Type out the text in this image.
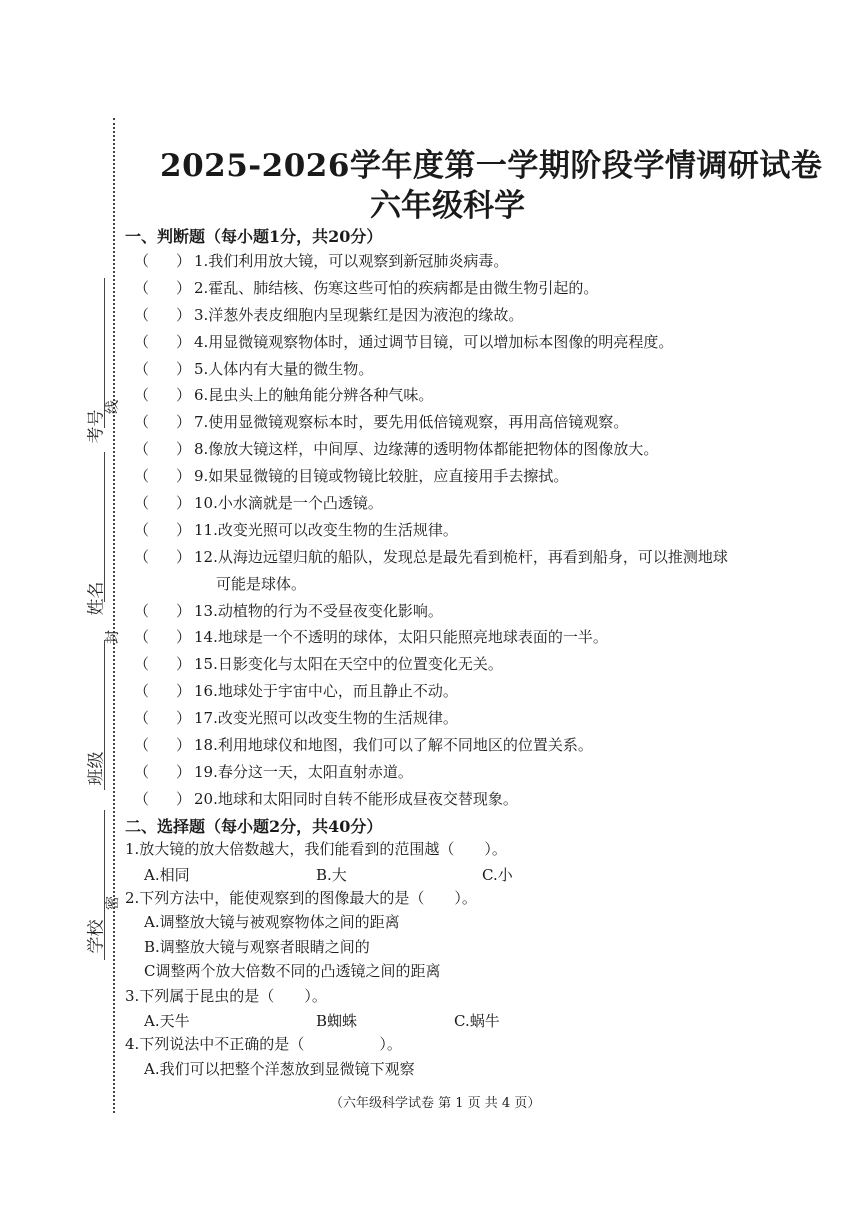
考号
线
姓名
封
班级
学校
密
2025-2026学年度第一学期阶段学情调研试卷
六年级科学
一、判断题（每小题1分，共20分）
（ ） 1.我们利用放大镜，可以观察到新冠肺炎病毒。
（ ） 2.霍乱、肺结核、伤寒这些可怕的疾病都是由微生物引起的。
（ ） 3.洋葱外表皮细胞内呈现紫红是因为液泡的缘故。
（ ） 4.用显微镜观察物体时，通过调节目镜，可以增加标本图像的明亮程度。
（ ） 5.人体内有大量的微生物。
（ ） 6.昆虫头上的触角能分辨各种气味。
（ ） 7.使用显微镜观察标本时，要先用低倍镜观察，再用高倍镜观察。
（ ） 8.像放大镜这样，中间厚、边缘薄的透明物体都能把物体的图像放大。
（ ） 9.如果显微镜的目镜或物镜比较脏，应直接用手去擦拭。
（ ） 10.小水滴就是一个凸透镜。
（ ） 11.改变光照可以改变生物的生活规律。
（ ） 12.从海边远望归航的船队，发现总是最先看到桅杆，再看到船身，可以推测地球
可能是球体。
（ ） 13.动植物的行为不受昼夜变化影响。
（ ） 14.地球是一个不透明的球体，太阳只能照亮地球表面的一半。
（ ） 15.日影变化与太阳在天空中的位置变化无关。
（ ） 16.地球处于宇宙中心，而且静止不动。
（ ） 17.改变光照可以改变生物的生活规律。
（ ） 18.利用地球仪和地图，我们可以了解不同地区的位置关系。
（ ） 19.春分这一天，太阳直射赤道。
（ ） 20.地球和太阳同时自转不能形成昼夜交替现象。
二、选择题（每小题2分，共40分）
1.放大镜的放大倍数越大，我们能看到的范围越（　　）。
A.相同	B.大	C.小
2.下列方法中，能使观察到的图像最大的是（　　）。
A.调整放大镜与被观察物体之间的距离
B.调整放大镜与观察者眼睛之间的
C调整两个放大倍数不同的凸透镜之间的距离
3.下列属于昆虫的是（　　）。
A.天牛	B蜘蛛	C.蜗牛
4.下列说法中不正确的是（　　　　　）。
A.我们可以把整个洋葱放到显微镜下观察
（六年级科学试卷 第 1 页 共 4 页）
